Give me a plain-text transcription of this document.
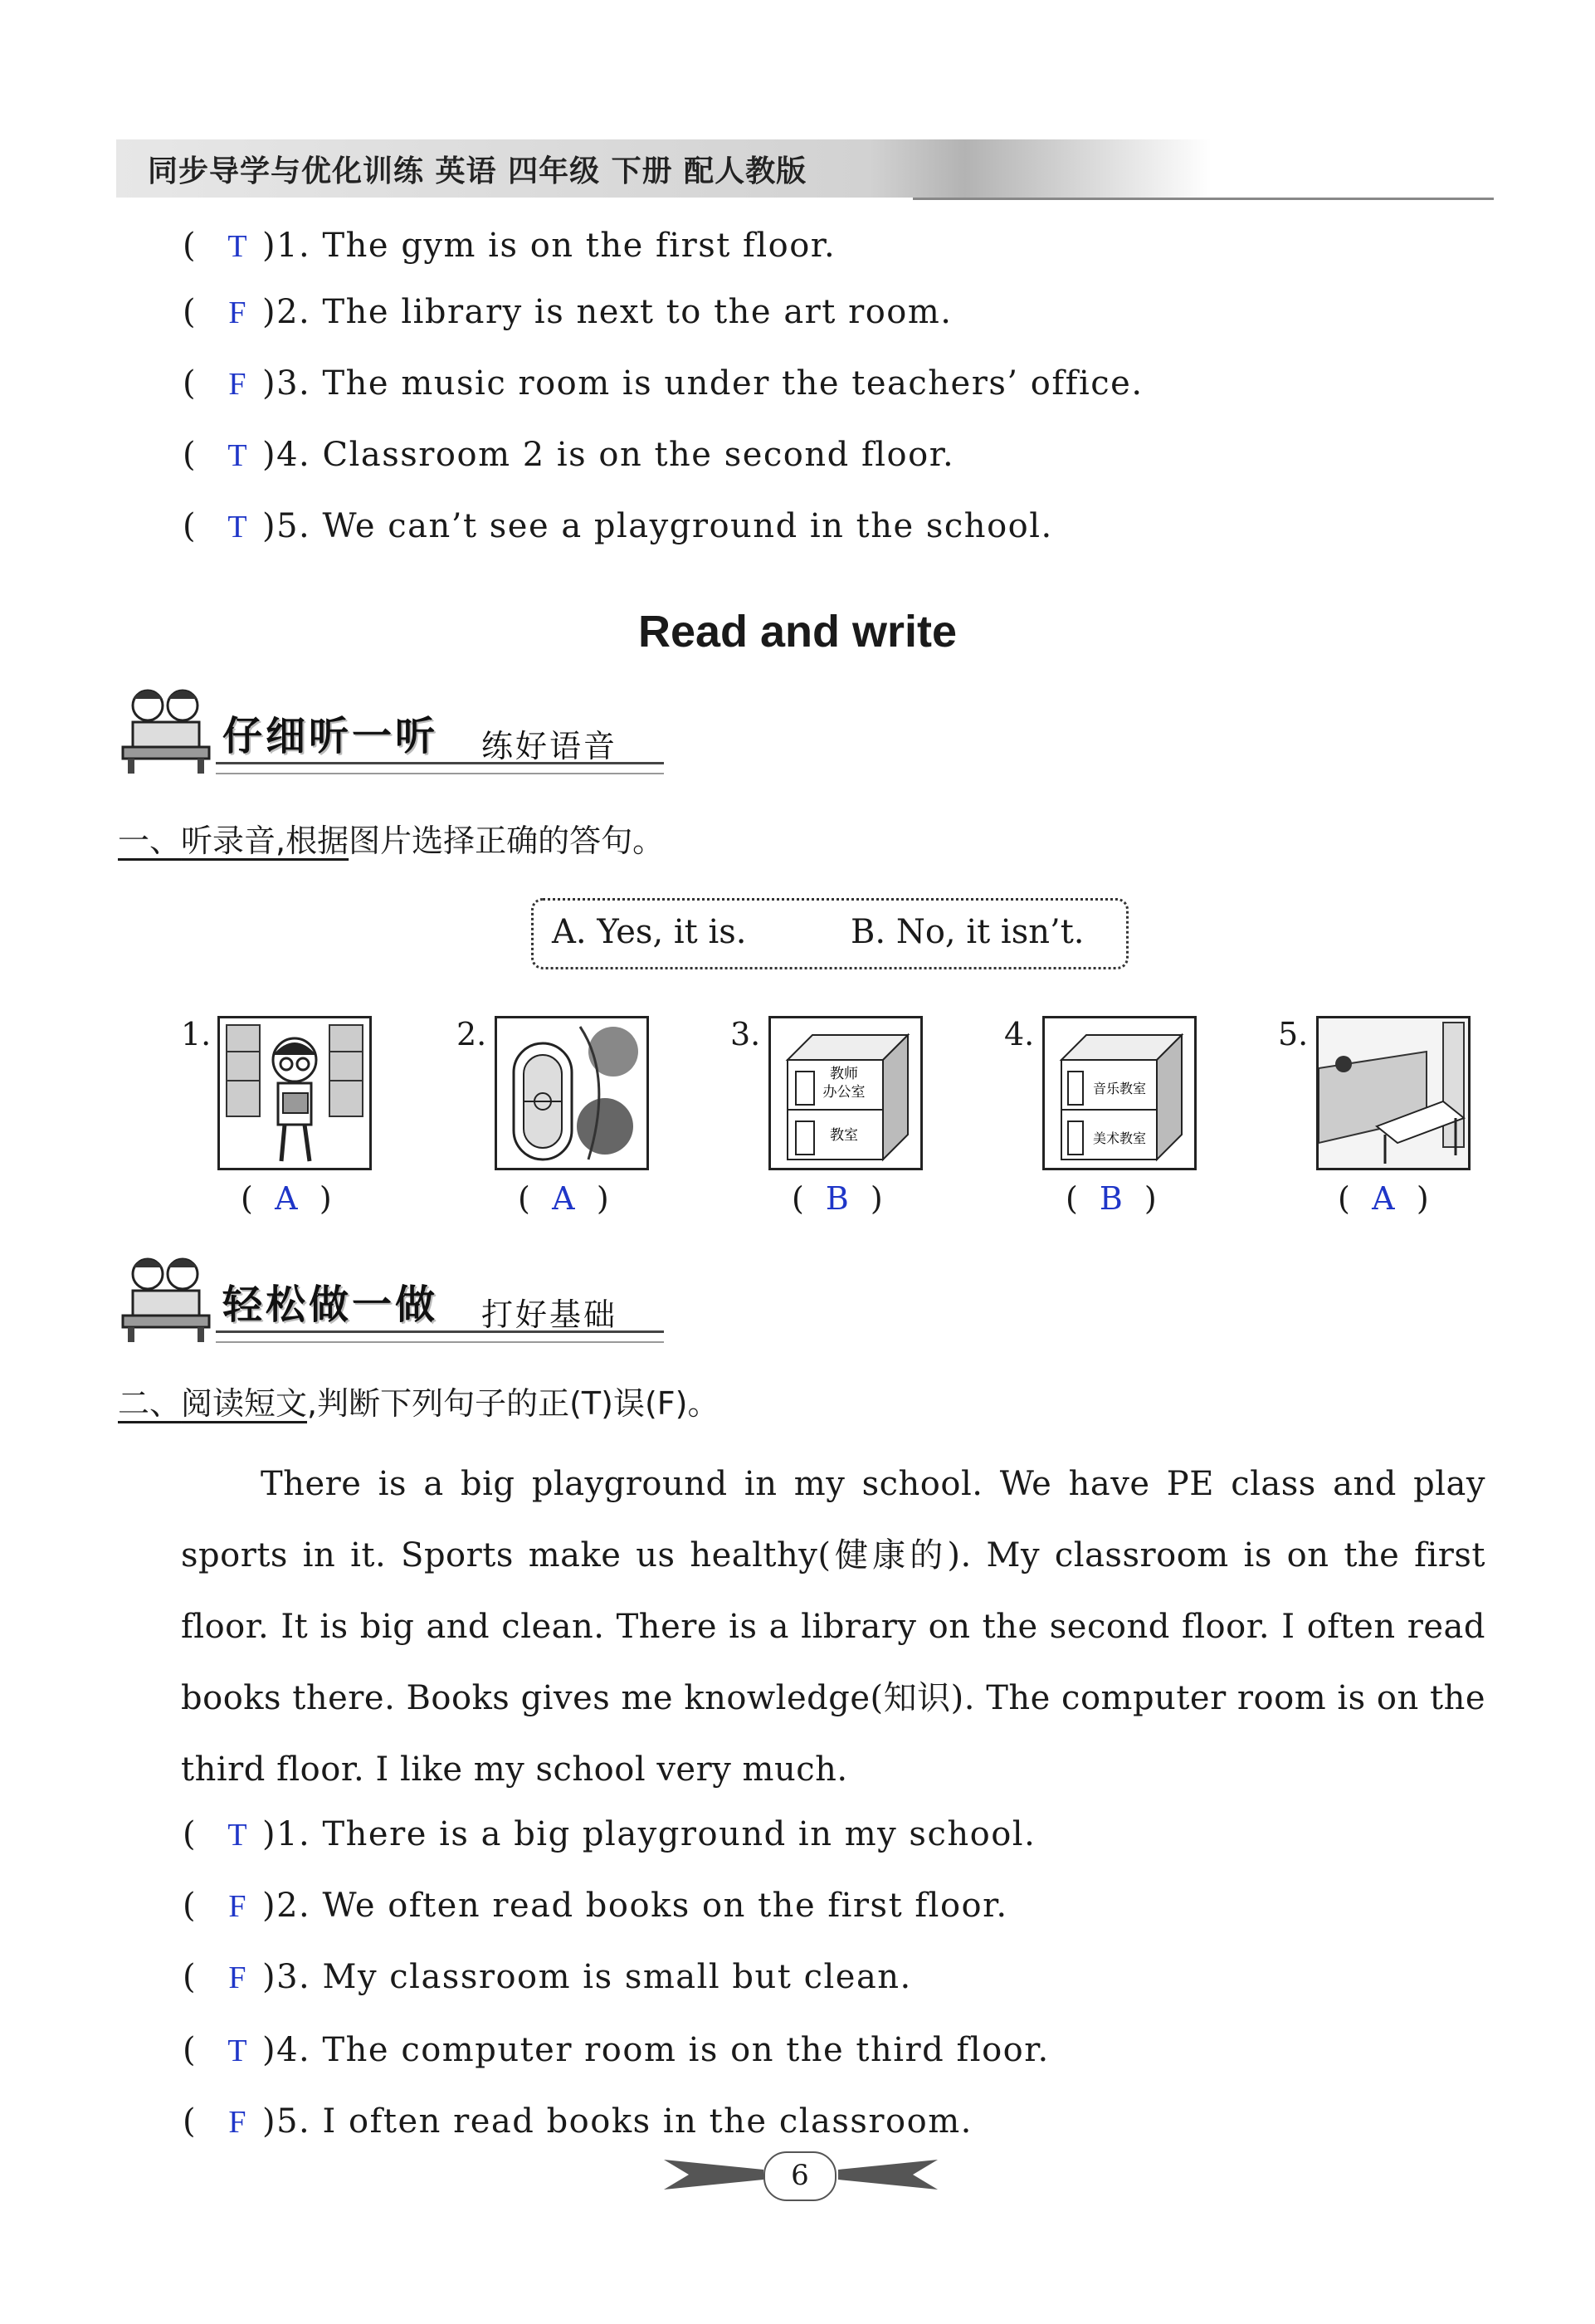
同步导学与优化训练 英语 四年级 下册 配人教版
( T )1. The gym is on the first floor.
( F )2. The library is next to the art room.
( F )3. The music room is under the teachers’ office.
( T )4. Classroom 2 is on the second floor.
( T )5. We can’t see a playground in the school.
Read and write
仔细听一听 练好语音
一、听录音,根据图片选择正确的答句。
A. Yes, it is.	B. No, it isn’t.
1.
( A )
2.
( A )
3.
教师
办公室
教室
( B )
4.
音乐教室
美术教室
( B )
5.
( A )
轻松做一做 打好基础
二、阅读短文,判断下列句子的正(T)误(F)。
There is a big playground in my school. We have PE class and play sports in it. Sports make us healthy(健康的). My classroom is on the first floor. It is big and clean. There is a library on the second floor. I often read books there. Books gives me knowledge(知识). The computer room is on the third floor. I like my school very much.
( T )1. There is a big playground in my school.
( F )2. We often read books on the first floor.
( F )3. My classroom is small but clean.
( T )4. The computer room is on the third floor.
( F )5. I often read books in the classroom.
6
